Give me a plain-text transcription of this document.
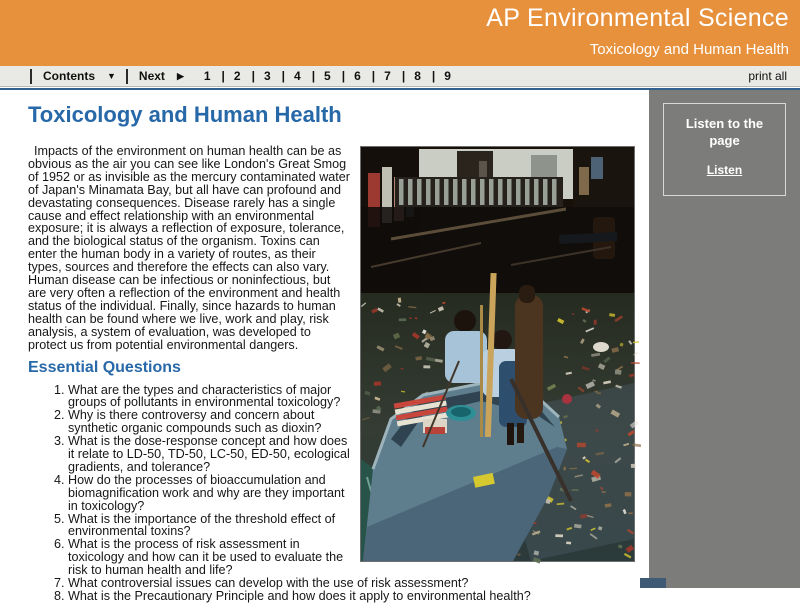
AP Environmental Science
Toxicology and Human Health
Contents ▼ Next ▶ 1	| 2	| 3	| 4	| 5	| 6	| 7	| 8	| 9	print all
Toxicology and Human Health

Impacts of the environment on human health can be as obvious as the air you can see like London's Great Smog of 1952 or as invisible as the mercury contaminated water of Japan's Minamata Bay, but all have can profound and devastating consequences. Disease rarely has a single cause and effect relationship with an environmental exposure; it is always a reflection of exposure, tolerance, and the biological status of the organism. Toxins can enter the human body in a variety of routes, as their types, sources and therefore the effects can also vary. Human disease can be infectious or noninfectious, but are very often a reflection of the environment and health status of the individual. Finally, since hazards to human health can be found where we live, work and play, risk analysis, a system of evaluation, was developed to protect us from potential environmental dangers.

Essential Questions
1. What are the types and characteristics of major groups of pollutants in environmental toxicology?
2. Why is there controversy and concern about synthetic organic compounds such as dioxin?
3. What is the dose-response concept and how does it relate to LD-50, TD-50, LC-50, ED-50, ecological gradients, and tolerance?
4. How do the processes of bioaccumulation and biomagnification work and why are they important in toxicology?
5. What is the importance of the threshold effect of environmental toxins?
6. What is the process of risk assessment in toxicology and how can it be used to evaluate the risk to human health and life?
7. What controversial issues can develop with the use of risk assessment?
8. What is the Precautionary Principle and how does it apply to environmental health?
Listen to the page
Listen
